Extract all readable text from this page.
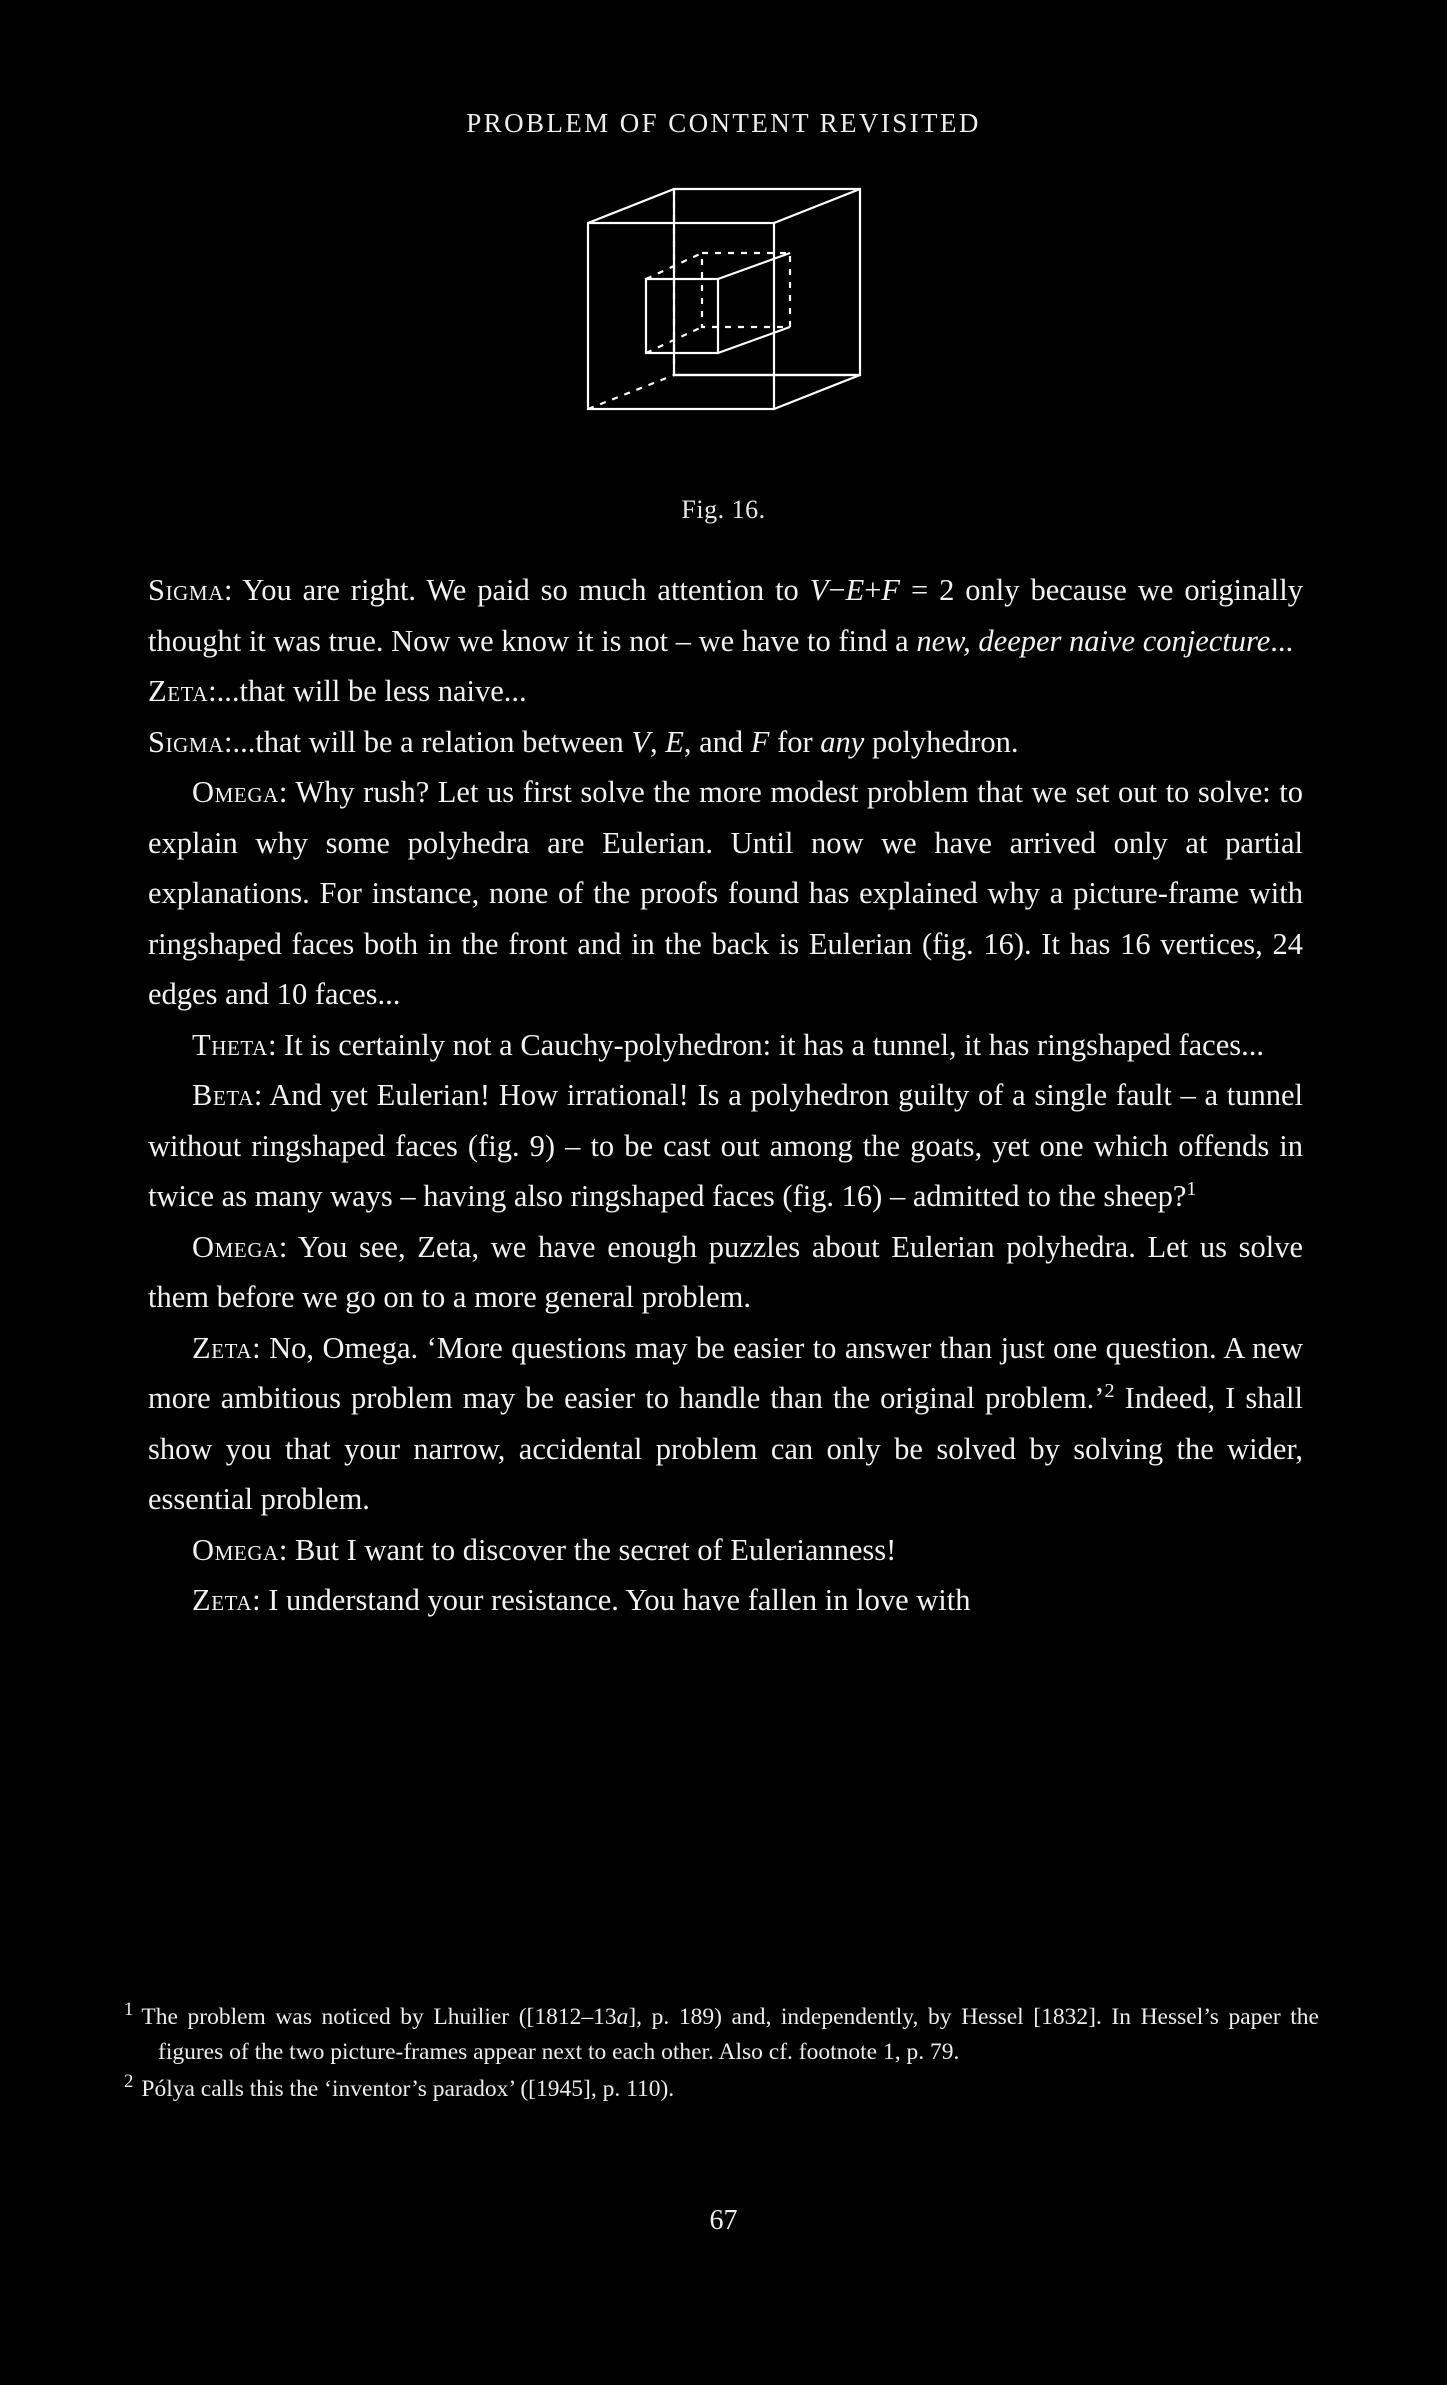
PROBLEM OF CONTENT REVISITED
Fig. 16.

Sigma: You are right. We paid so much attention to V−E+F = 2 only because we originally thought it was true. Now we know it is not – we have to find a new, deeper naive conjecture...

Zeta:...that will be less naive...

Sigma:...that will be a relation between V, E, and F for any polyhedron.

Omega: Why rush? Let us first solve the more modest problem that we set out to solve: to explain why some polyhedra are Eulerian. Until now we have arrived only at partial explanations. For instance, none of the proofs found has explained why a picture-frame with ringshaped faces both in the front and in the back is Eulerian (fig. 16). It has 16 vertices, 24 edges and 10 faces...

Theta: It is certainly not a Cauchy-polyhedron: it has a tunnel, it has ringshaped faces...

Beta: And yet Eulerian! How irrational! Is a polyhedron guilty of a single fault – a tunnel without ringshaped faces (fig. 9) – to be cast out among the goats, yet one which offends in twice as many ways – having also ringshaped faces (fig. 16) – admitted to the sheep?$^1$

Omega: You see, Zeta, we have enough puzzles about Eulerian polyhedra. Let us solve them before we go on to a more general problem.

Zeta: No, Omega. ‘More questions may be easier to answer than just one question. A new more ambitious problem may be easier to handle than the original problem.’$^2$ Indeed, I shall show you that your narrow, accidental problem can only be solved by solving the wider, essential problem.

Omega: But I want to discover the secret of Eulerianness!

Zeta: I understand your resistance. You have fallen in love with

$^1$ The problem was noticed by Lhuilier ([1812–13a], p. 189) and, independently, by Hessel [1832]. In Hessel’s paper the figures of the two picture-frames appear next to each other. Also cf. footnote 1, p. 79.

$^2$ Pólya calls this the ‘inventor’s paradox’ ([1945], p. 110).

67
